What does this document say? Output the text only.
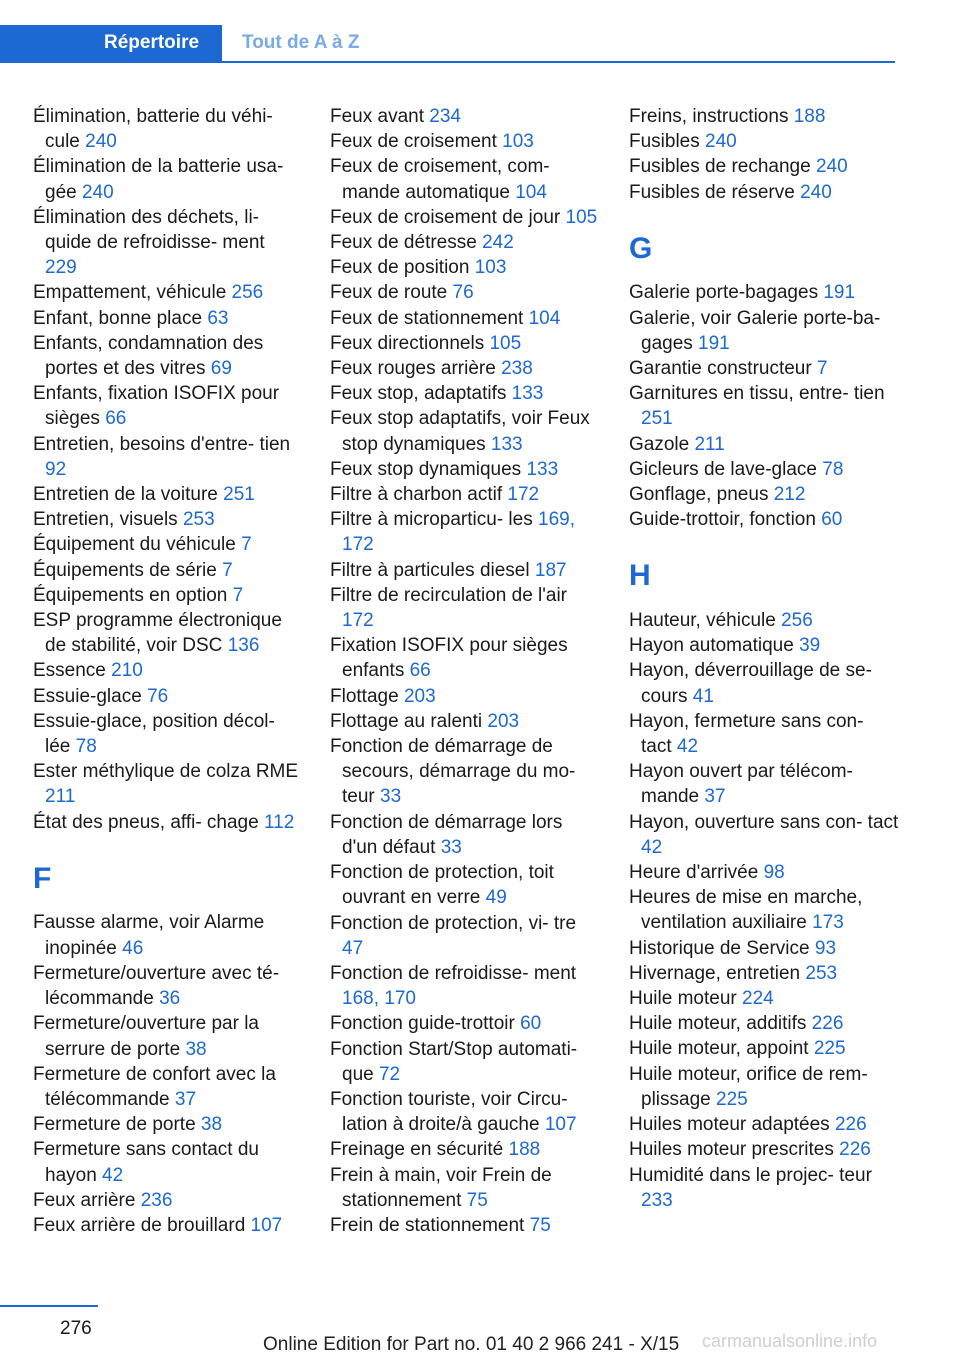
Répertoire	Tout de A à Z
Élimination, batterie du véhi‐ cule 240
Élimination de la batterie usa‐ gée 240
Élimination des déchets, li‐ quide de refroidisse‐ ment 229
Empattement, véhicule 256
Enfant, bonne place 63
Enfants, condamnation des portes et des vitres 69
Enfants, fixation ISOFIX pour sièges 66
Entretien, besoins d'entre‐ tien 92
Entretien de la voiture 251
Entretien, visuels 253
Équipement du véhicule 7
Équipements de série 7
Équipements en option 7
ESP programme électronique de stabilité, voir DSC 136
Essence 210
Essuie-glace 76
Essuie-glace, position décol‐ lée 78
Ester méthylique de colza RME 211
État des pneus, affi‐ chage 112
F
Fausse alarme, voir Alarme inopinée 46
Fermeture/ouverture avec té‐ lécommande 36
Fermeture/ouverture par la serrure de porte 38
Fermeture de confort avec la télécommande 37
Fermeture de porte 38
Fermeture sans contact du hayon 42
Feux arrière 236
Feux arrière de brouillard 107
Feux avant 234
Feux de croisement 103
Feux de croisement, com‐ mande automatique 104
Feux de croisement de jour 105
Feux de détresse 242
Feux de position 103
Feux de route 76
Feux de stationnement 104
Feux directionnels 105
Feux rouges arrière 238
Feux stop, adaptatifs 133
Feux stop adaptatifs, voir Feux stop dynamiques 133
Feux stop dynamiques 133
Filtre à charbon actif 172
Filtre à microparticu‐ les 169, 172
Filtre à particules diesel 187
Filtre de recirculation de l'air 172
Fixation ISOFIX pour sièges enfants 66
Flottage 203
Flottage au ralenti 203
Fonction de démarrage de secours, démarrage du mo‐ teur 33
Fonction de démarrage lors d'un défaut 33
Fonction de protection, toit ouvrant en verre 49
Fonction de protection, vi‐ tre 47
Fonction de refroidisse‐ ment 168, 170
Fonction guide-trottoir 60
Fonction Start/Stop automati‐ que 72
Fonction touriste, voir Circu‐ lation à droite/à gauche 107
Freinage en sécurité 188
Frein à main, voir Frein de stationnement 75
Frein de stationnement 75
Freins, instructions 188
Fusibles 240
Fusibles de rechange 240
Fusibles de réserve 240
G
Galerie porte-bagages 191
Galerie, voir Galerie porte-ba‐ gages 191
Garantie constructeur 7
Garnitures en tissu, entre‐ tien 251
Gazole 211
Gicleurs de lave-glace 78
Gonflage, pneus 212
Guide-trottoir, fonction 60
H
Hauteur, véhicule 256
Hayon automatique 39
Hayon, déverrouillage de se‐ cours 41
Hayon, fermeture sans con‐ tact 42
Hayon ouvert par télécom‐ mande 37
Hayon, ouverture sans con‐ tact 42
Heure d'arrivée 98
Heures de mise en marche, ventilation auxiliaire 173
Historique de Service 93
Hivernage, entretien 253
Huile moteur 224
Huile moteur, additifs 226
Huile moteur, appoint 225
Huile moteur, orifice de rem‐ plissage 225
Huiles moteur adaptées 226
Huiles moteur prescrites 226
Humidité dans le projec‐ teur 233
276
Online Edition for Part no. 01 40 2 966 241 - X/15 carmanualsonline.info
